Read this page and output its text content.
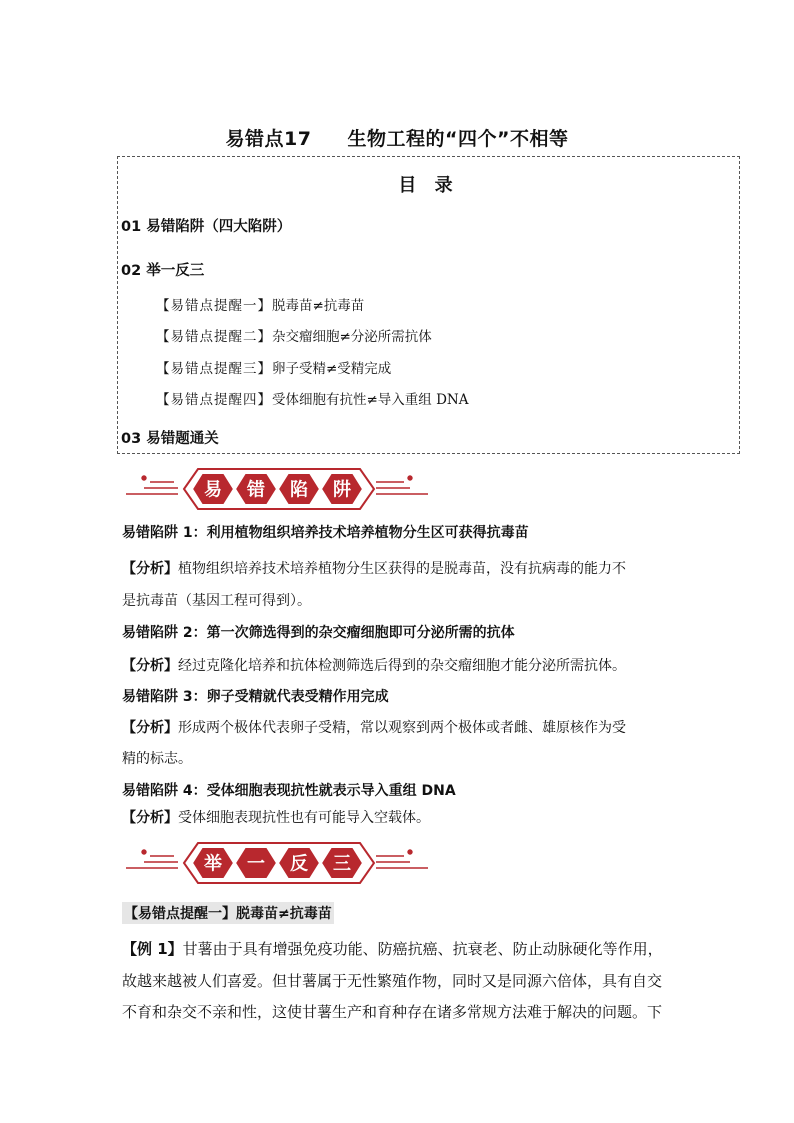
易错点17 生物工程的“四个”不相等
目 录
01 易错陷阱（四大陷阱）
02 举一反三
【易错点提醒一】脱毒苗≠抗毒苗
【易错点提醒二】杂交瘤细胞≠分泌所需抗体
【易错点提醒三】卵子受精≠受精完成
【易错点提醒四】受体细胞有抗性≠导入重组 DNA
03 易错题通关
易 错 陷 阱
易错陷阱 1：利用植物组织培养技术培养植物分生区可获得抗毒苗
【分析】植物组织培养技术培养植物分生区获得的是脱毒苗，没有抗病毒的能力不
是抗毒苗（基因工程可得到）。
易错陷阱 2：第一次筛选得到的杂交瘤细胞即可分泌所需的抗体
【分析】经过克隆化培养和抗体检测筛选后得到的杂交瘤细胞才能分泌所需抗体。
易错陷阱 3：卵子受精就代表受精作用完成
【分析】形成两个极体代表卵子受精，常以观察到两个极体或者雌、雄原核作为受
精的标志。
易错陷阱 4：受体细胞表现抗性就表示导入重组 DNA
【分析】受体细胞表现抗性也有可能导入空载体。
举 一 反 三
【易错点提醒一】脱毒苗≠抗毒苗
【例 1】甘薯由于具有增强免疫功能、防癌抗癌、抗衰老、防止动脉硬化等作用，
故越来越被人们喜爱。但甘薯属于无性繁殖作物，同时又是同源六倍体，具有自交
不育和杂交不亲和性，这使甘薯生产和育种存在诸多常规方法难于解决的问题。下
